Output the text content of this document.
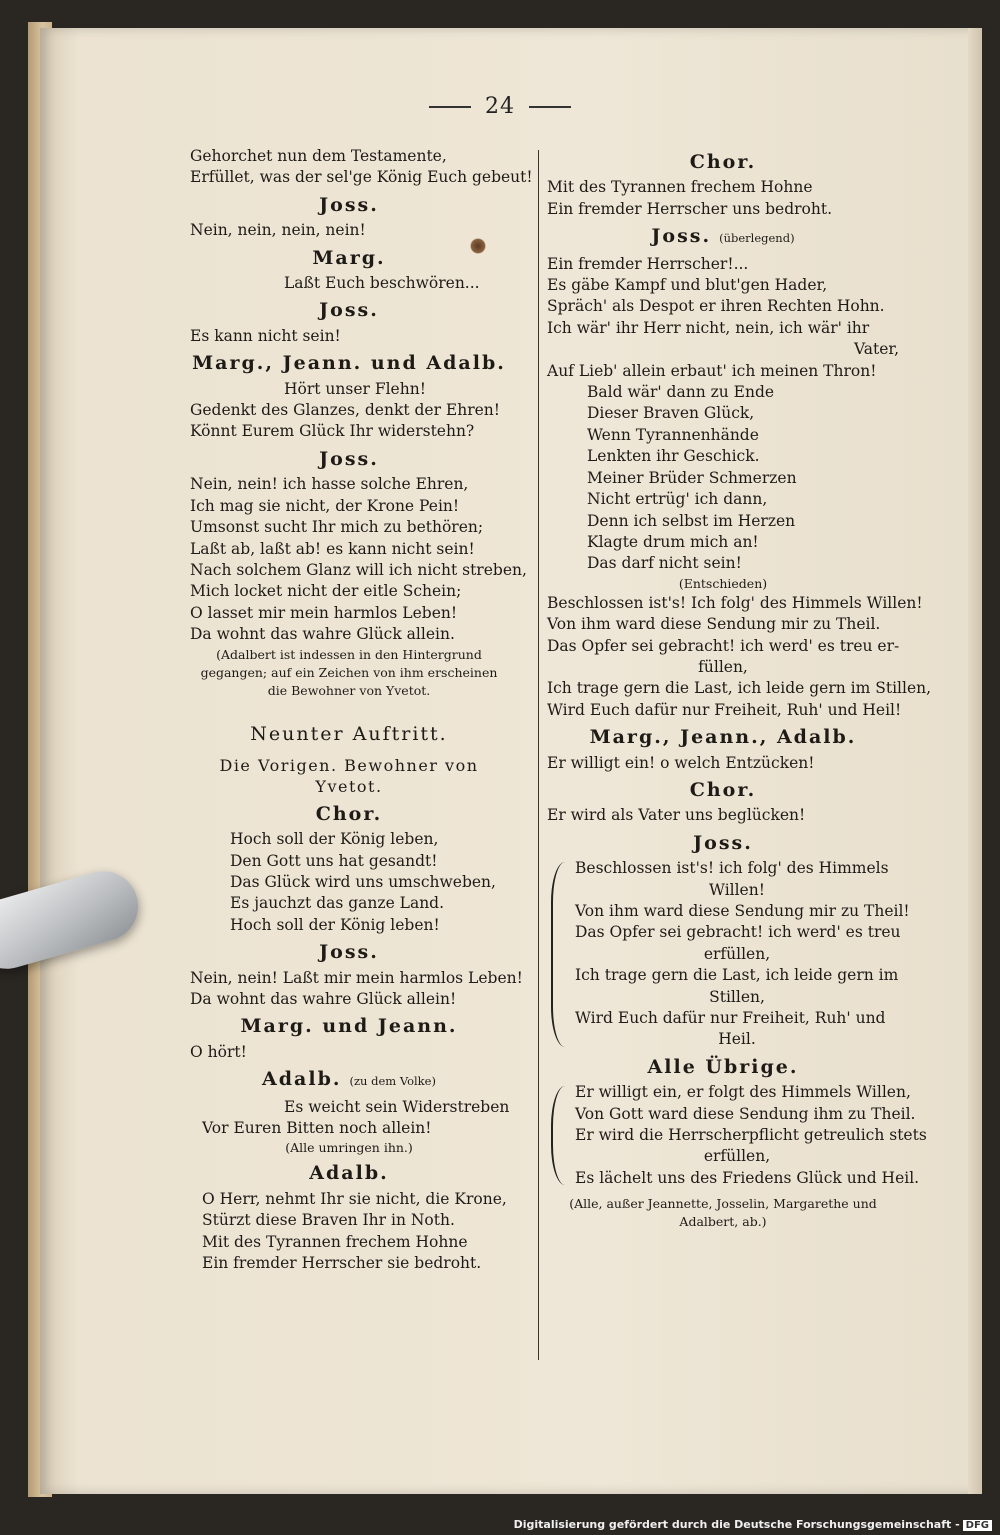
24
Gehorchet nun dem Testamente,
Erfüllet, was der sel'ge König Euch gebeut!
Joss.
Nein, nein, nein, nein!
Marg.
Laßt Euch beschwören...
Joss.
Es kann nicht sein!
Marg., Jeann. und Adalb.
Hört unser Flehn!
Gedenkt des Glanzes, denkt der Ehren!
Könnt Eurem Glück Ihr widerstehn?
Joss.
Nein, nein! ich hasse solche Ehren,
Ich mag sie nicht, der Krone Pein!
Umsonst sucht Ihr mich zu bethören;
Laßt ab, laßt ab! es kann nicht sein!
Nach solchem Glanz will ich nicht streben,
Mich locket nicht der eitle Schein;
O lasset mir mein harmlos Leben!
Da wohnt das wahre Glück allein.
(Adalbert ist indessen in den Hintergrund gegangen; auf ein Zeichen von ihm erscheinen die Bewohner von Yvetot.
Neunter Auftritt.
Die Vorigen. Bewohner von Yvetot.
Chor.
Hoch soll der König leben,
Den Gott uns hat gesandt!
Das Glück wird uns umschweben,
Es jauchzt das ganze Land.
Hoch soll der König leben!
Joss.
Nein, nein! Laßt mir mein harmlos Leben!
Da wohnt das wahre Glück allein!
Marg. und Jeann.
O hört!
Adalb. (zu dem Volke)
Es weicht sein Widerstreben
Vor Euren Bitten noch allein!
(Alle umringen ihn.)
Adalb.
O Herr, nehmt Ihr sie nicht, die Krone,
Stürzt diese Braven Ihr in Noth.
Mit des Tyrannen frechem Hohne
Ein fremder Herrscher sie bedroht.
Chor.
Mit des Tyrannen frechem Hohne
Ein fremder Herrscher uns bedroht.
Joss. (überlegend)
Ein fremder Herrscher!...
Es gäbe Kampf und blut'gen Hader,
Spräch' als Despot er ihren Rechten Hohn.
Ich wär' ihr Herr nicht, nein, ich wär' ihr
Vater,
Auf Lieb' allein erbaut' ich meinen Thron!
Bald wär' dann zu Ende
Dieser Braven Glück,
Wenn Tyrannenhände
Lenkten ihr Geschick.
Meiner Brüder Schmerzen
Nicht ertrüg' ich dann,
Denn ich selbst im Herzen
Klagte drum mich an!
Das darf nicht sein!
(Entschieden)
Beschlossen ist's! Ich folg' des Himmels Willen!
Von ihm ward diese Sendung mir zu Theil.
Das Opfer sei gebracht! ich werd' es treu er-
füllen,
Ich trage gern die Last, ich leide gern im Stillen,
Wird Euch dafür nur Freiheit, Ruh' und Heil!
Marg., Jeann., Adalb.
Er willigt ein! o welch Entzücken!
Chor.
Er wird als Vater uns beglücken!
Joss.
Beschlossen ist's! ich folg' des Himmels
Willen!
Von ihm ward diese Sendung mir zu Theil!
Das Opfer sei gebracht! ich werd' es treu
erfüllen,
Ich trage gern die Last, ich leide gern im
Stillen,
Wird Euch dafür nur Freiheit, Ruh' und
Heil.
Alle Übrige.
Er willigt ein, er folgt des Himmels Willen,
Von Gott ward diese Sendung ihm zu Theil.
Er wird die Herrscherpflicht getreulich stets
erfüllen,
Es lächelt uns des Friedens Glück und Heil.
(Alle, außer Jeannette, Josselin, Margarethe und Adalbert, ab.)
Digitalisierung gefördert durch die Deutsche Forschungsgemeinschaft - DFG
